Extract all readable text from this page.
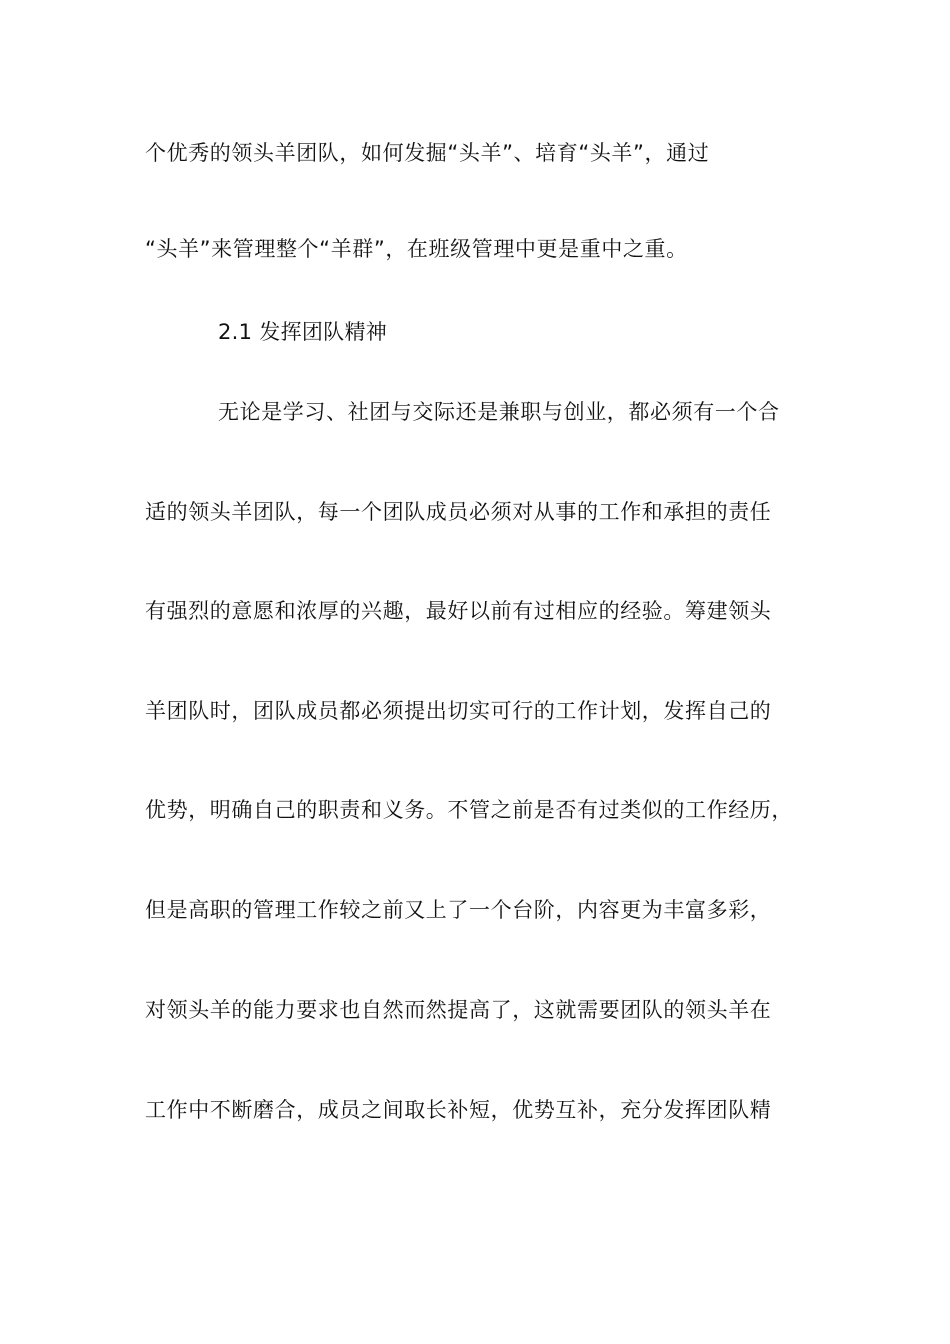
个优秀的领头羊团队，如何发掘“头羊”、培育“头羊”，通过
“头羊”来管理整个“羊群”，在班级管理中更是重中之重。
2.1 发挥团队精神
无论是学习、社团与交际还是兼职与创业，都必须有一个合
适的领头羊团队，每一个团队成员必须对从事的工作和承担的责任
有强烈的意愿和浓厚的兴趣，最好以前有过相应的经验。筹建领头
羊团队时，团队成员都必须提出切实可行的工作计划，发挥自己的
优势，明确自己的职责和义务。不管之前是否有过类似的工作经历，
但是高职的管理工作较之前又上了一个台阶，内容更为丰富多彩，
对领头羊的能力要求也自然而然提高了，这就需要团队的领头羊在
工作中不断磨合，成员之间取长补短，优势互补，充分发挥团队精
